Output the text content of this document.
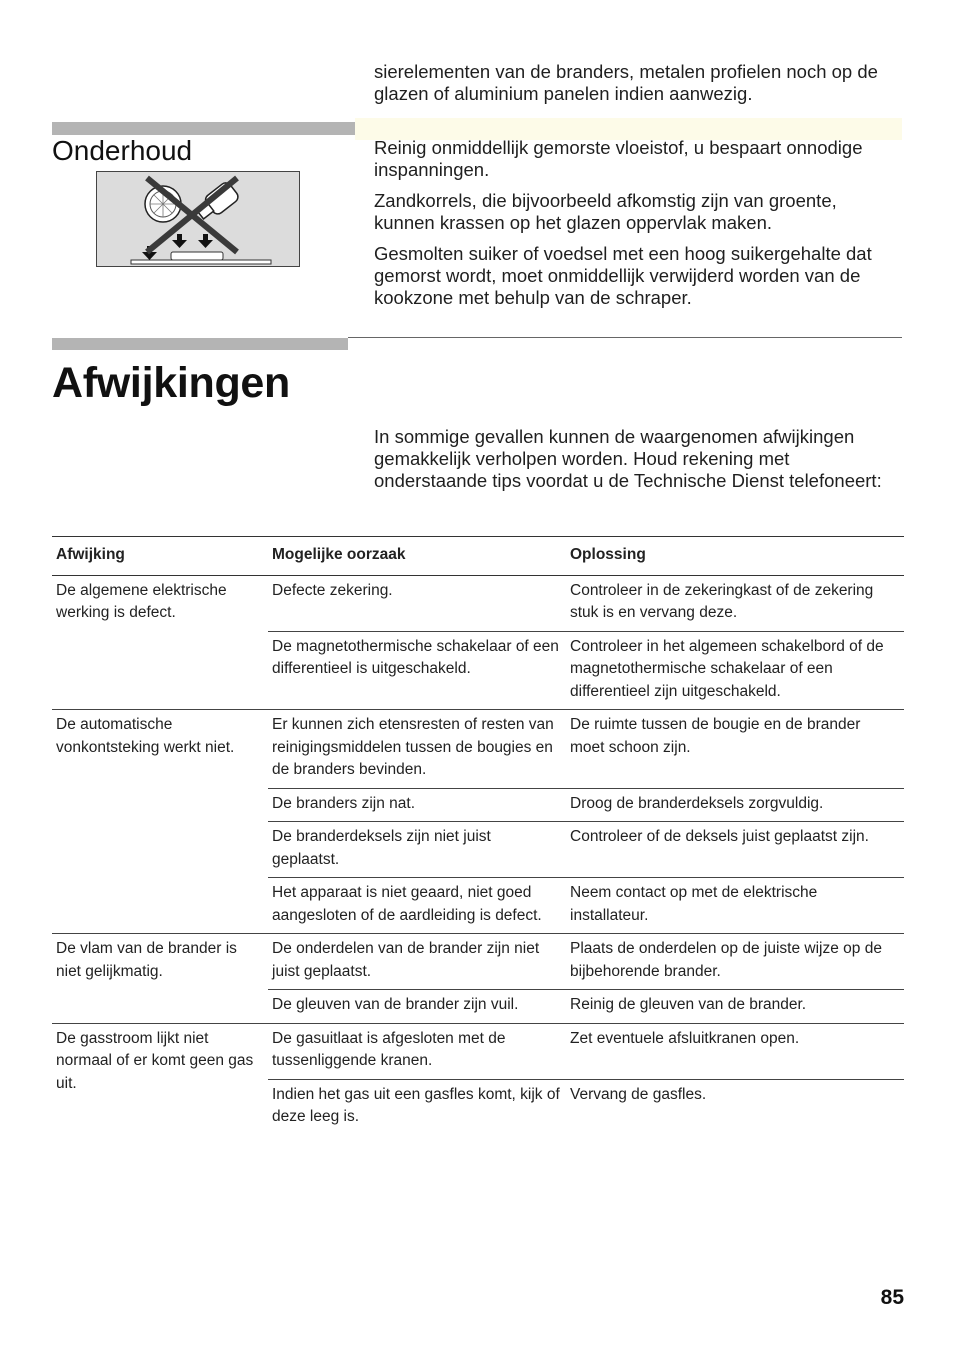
sierelementen van de branders, metalen profielen noch op de glazen of aluminium panelen indien aanwezig.
Onderhoud	Reinig onmiddellijk gemorste vloeistof, u bespaart onnodige inspanningen.

Zandkorrels, die bijvoorbeeld afkomstig zijn van groente, kunnen krassen op het glazen oppervlak maken.

Gesmolten suiker of voedsel met een hoog suikergehalte dat gemorst wordt, moet onmiddellijk verwijderd worden van de kookzone met behulp van de schraper.

Afwijkingen
In sommige gevallen kunnen de waargenomen afwijkingen gemakkelijk verholpen worden. Houd rekening met onderstaande tips voordat u de Technische Dienst telefoneert:
Afwijking	Mogelijke oorzaak	Oplossing
De algemene elektrische werking is defect.	Defecte zekering.	Controleer in de zekeringkast of de zekering stuk is en vervang deze.
	De magnetothermische schakelaar of een differentieel is uitgeschakeld.	Controleer in het algemeen schakelbord of de magnetothermische schakelaar of een differentieel zijn uitgeschakeld.
De automatische vonkontsteking werkt niet.	Er kunnen zich etensresten of resten van reinigingsmiddelen tussen de bougies en de branders bevinden.	De ruimte tussen de bougie en de brander moet schoon zijn.
	De branders zijn nat.	Droog de branderdeksels zorgvuldig.
	De branderdeksels zijn niet juist geplaatst.	Controleer of de deksels juist geplaatst zijn.
	Het apparaat is niet geaard, niet goed aangesloten of de aardleiding is defect.	Neem contact op met de elektrische installateur.
De vlam van de brander is niet gelijkmatig.	De onderdelen van de brander zijn niet juist geplaatst.	Plaats de onderdelen op de juiste wijze op de bijbehorende brander.
	De gleuven van de brander zijn vuil.	Reinig de gleuven van de brander.
De gasstroom lijkt niet normaal of er komt geen gas uit.	De gasuitlaat is afgesloten met de tussenliggende kranen.	Zet eventuele afsluitkranen open.
	Indien het gas uit een gasfles komt, kijk of deze leeg is.	Vervang de gasfles.
85
